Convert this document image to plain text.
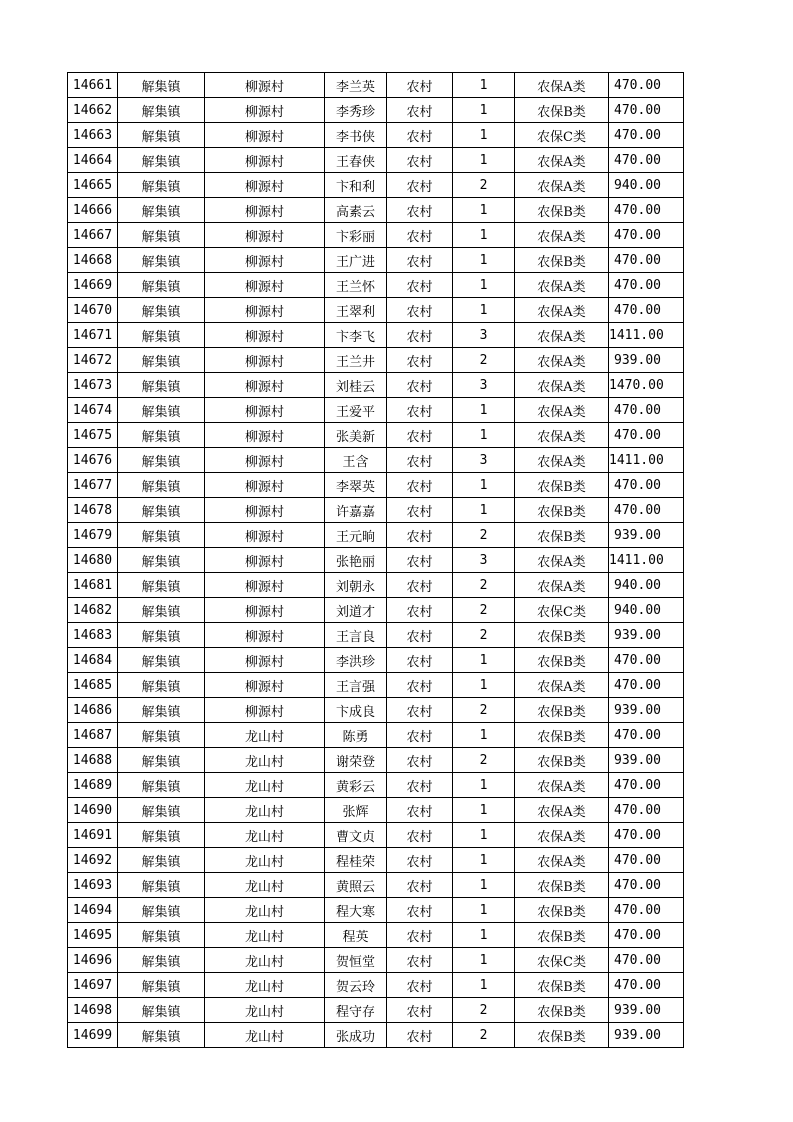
14661	解集镇	柳源村	李兰英	农村	1	农保A类	470.00
14662	解集镇	柳源村	李秀珍	农村	1	农保B类	470.00
14663	解集镇	柳源村	李书侠	农村	1	农保C类	470.00
14664	解集镇	柳源村	王春侠	农村	1	农保A类	470.00
14665	解集镇	柳源村	卞和利	农村	2	农保A类	940.00
14666	解集镇	柳源村	高素云	农村	1	农保B类	470.00
14667	解集镇	柳源村	卞彩丽	农村	1	农保A类	470.00
14668	解集镇	柳源村	王广进	农村	1	农保B类	470.00
14669	解集镇	柳源村	王兰怀	农村	1	农保A类	470.00
14670	解集镇	柳源村	王翠利	农村	1	农保A类	470.00
14671	解集镇	柳源村	卞李飞	农村	3	农保A类	1411.00
14672	解集镇	柳源村	王兰井	农村	2	农保A类	939.00
14673	解集镇	柳源村	刘桂云	农村	3	农保A类	1470.00
14674	解集镇	柳源村	王爱平	农村	1	农保A类	470.00
14675	解集镇	柳源村	张美新	农村	1	农保A类	470.00
14676	解集镇	柳源村	王含	农村	3	农保A类	1411.00
14677	解集镇	柳源村	李翠英	农村	1	农保B类	470.00
14678	解集镇	柳源村	许嘉嘉	农村	1	农保B类	470.00
14679	解集镇	柳源村	王元晌	农村	2	农保B类	939.00
14680	解集镇	柳源村	张艳丽	农村	3	农保A类	1411.00
14681	解集镇	柳源村	刘朝永	农村	2	农保A类	940.00
14682	解集镇	柳源村	刘道才	农村	2	农保C类	940.00
14683	解集镇	柳源村	王言良	农村	2	农保B类	939.00
14684	解集镇	柳源村	李洪珍	农村	1	农保B类	470.00
14685	解集镇	柳源村	王言强	农村	1	农保A类	470.00
14686	解集镇	柳源村	卞成良	农村	2	农保B类	939.00
14687	解集镇	龙山村	陈勇	农村	1	农保B类	470.00
14688	解集镇	龙山村	谢荣登	农村	2	农保B类	939.00
14689	解集镇	龙山村	黄彩云	农村	1	农保A类	470.00
14690	解集镇	龙山村	张辉	农村	1	农保A类	470.00
14691	解集镇	龙山村	曹文贞	农村	1	农保A类	470.00
14692	解集镇	龙山村	程桂荣	农村	1	农保A类	470.00
14693	解集镇	龙山村	黄照云	农村	1	农保B类	470.00
14694	解集镇	龙山村	程大寒	农村	1	农保B类	470.00
14695	解集镇	龙山村	程英	农村	1	农保B类	470.00
14696	解集镇	龙山村	贺恒堂	农村	1	农保C类	470.00
14697	解集镇	龙山村	贺云玲	农村	1	农保B类	470.00
14698	解集镇	龙山村	程守存	农村	2	农保B类	939.00
14699	解集镇	龙山村	张成功	农村	2	农保B类	939.00
